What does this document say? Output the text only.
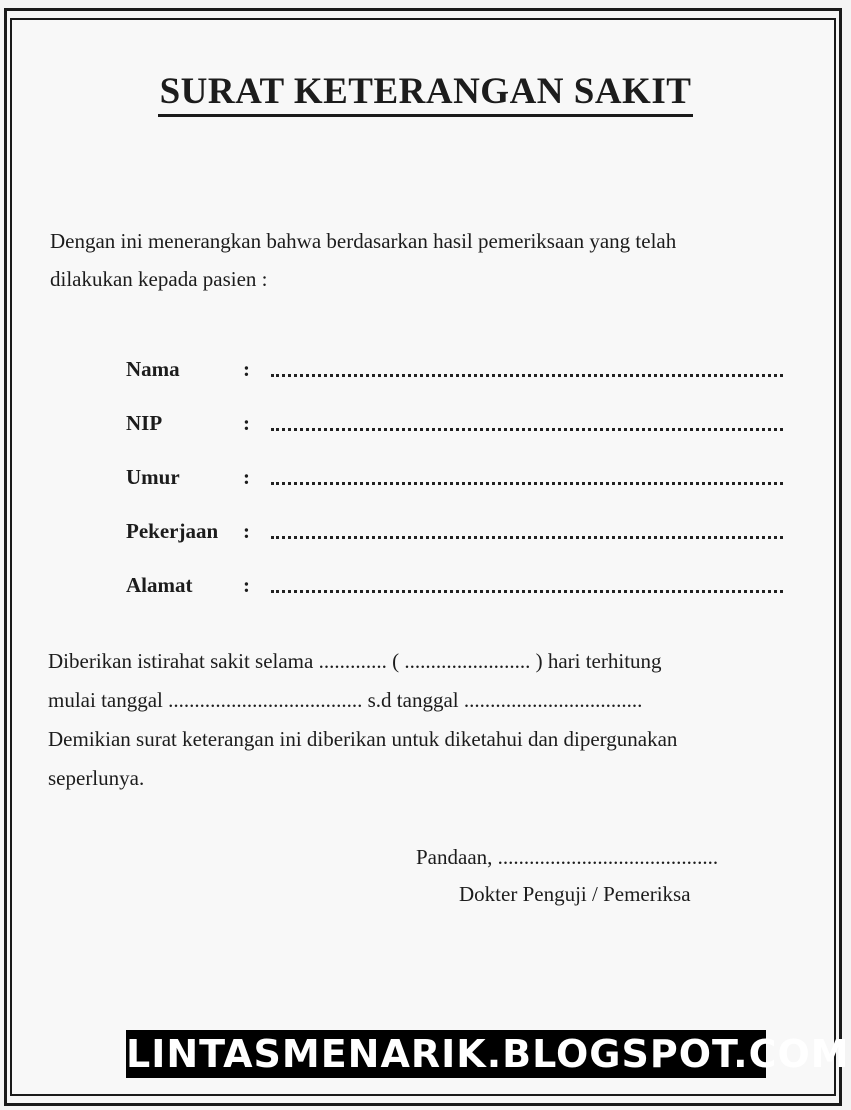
SURAT KETERANGAN SAKIT
Dengan ini menerangkan bahwa berdasarkan hasil pemeriksaan yang telah
dilakukan kepada pasien :
Nama	:
NIP	:
Umur	:
Pekerjaan :
Alamat :
Diberikan istirahat sakit selama ............. ( ........................ ) hari terhitung
mulai tanggal ..................................... s.d tanggal ..................................
Demikian surat keterangan ini diberikan untuk diketahui dan dipergunakan
seperlunya.
Pandaan, ..........................................
Dokter Penguji / Pemeriksa
LINTASMENARIK.BLOGSPOT.COM
